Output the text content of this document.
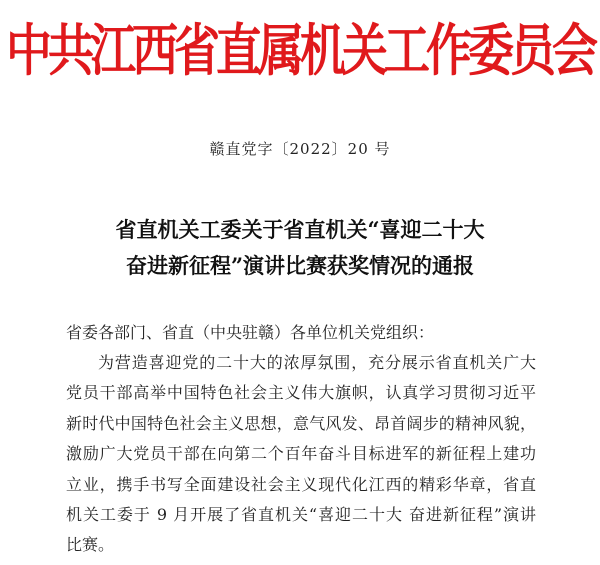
中共江西省直属机关工作委员会
赣直党字〔2022〕20 号
省直机关工委关于省直机关“喜迎二十大
奋进新征程”演讲比赛获奖情况的通报
省委各部门、省直（中央驻赣）各单位机关党组织：
为营造喜迎党的二十大的浓厚氛围，充分展示省直机关广大
党员干部高举中国特色社会主义伟大旗帜，认真学习贯彻习近平
新时代中国特色社会主义思想，意气风发、昂首阔步的精神风貌，
激励广大党员干部在向第二个百年奋斗目标进军的新征程上建功
立业，携手书写全面建设社会主义现代化江西的精彩华章，省直
机关工委于 9 月开展了省直机关“喜迎二十大 奋进新征程”演讲
比赛。
